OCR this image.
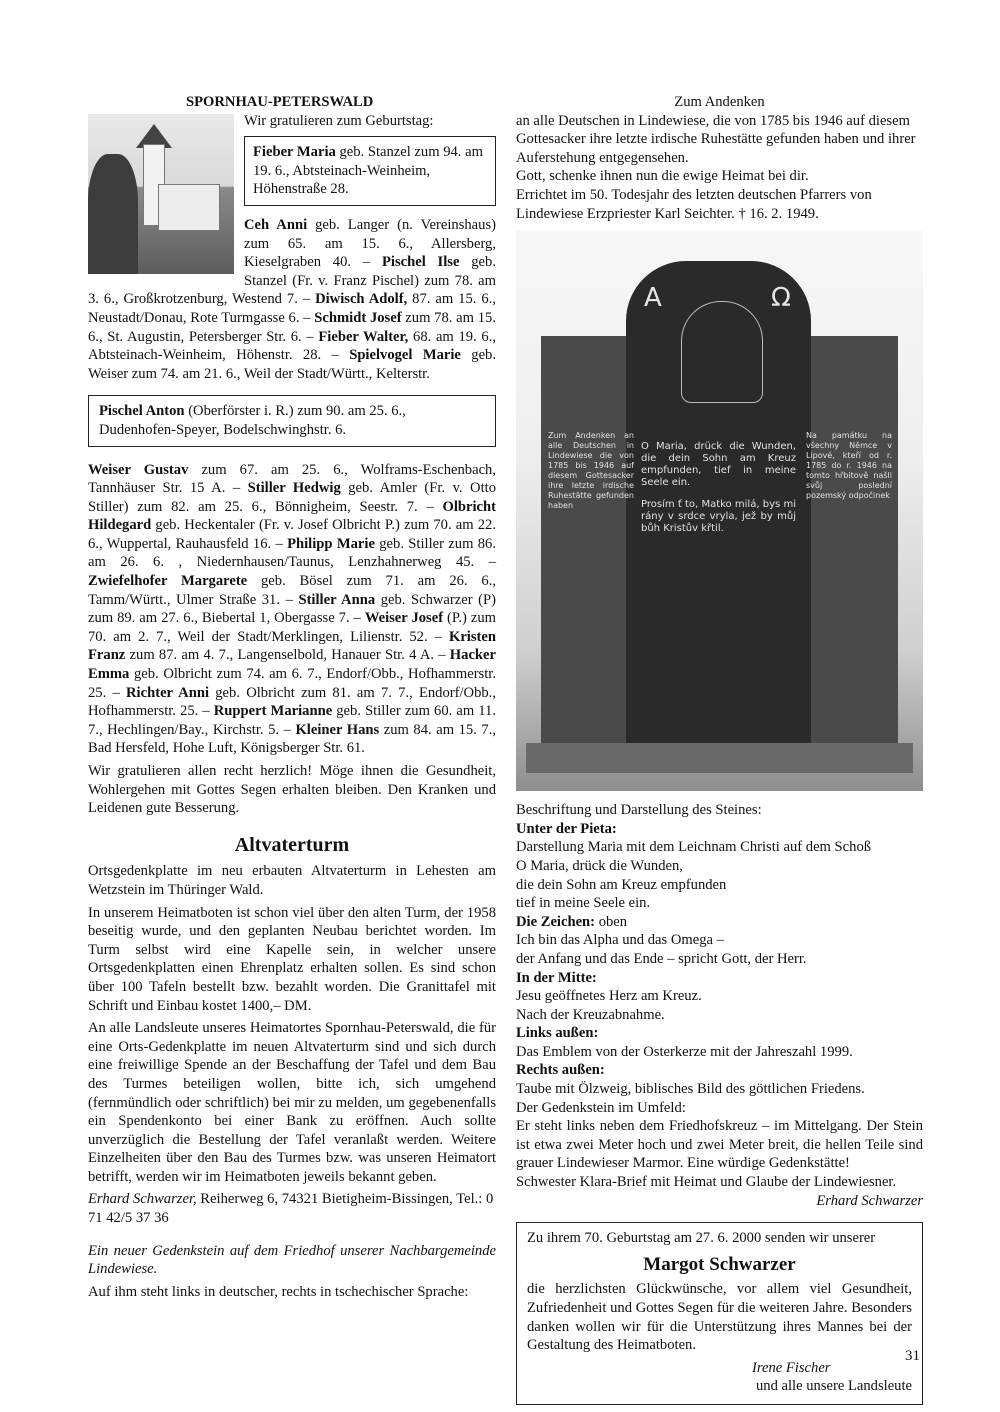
SPORNHAU-PETERSWALD
Wir gratulieren zum Geburtstag:
Fieber Maria geb. Stanzel zum 94. am 19. 6., Abtsteinach-Weinheim, Höhenstraße 28.

Ceh Anni geb. Langer (n. Vereinshaus) zum 65. am 15. 6., Allersberg, Kieselgraben 40. – Pischel Ilse geb. Stanzel (Fr. v. Franz Pischel) zum 78. am 3. 6., Großkrotzenburg, Westend 7. – Diwisch Adolf, 87. am 15. 6., Neustadt/Donau, Rote Turmgasse 6. – Schmidt Josef zum 78. am 15. 6., St. Augustin, Petersberger Str. 6. – Fieber Walter, 68. am 19. 6., Abtsteinach-Weinheim, Höhenstr. 28. – Spielvogel Marie geb. Weiser zum 74. am 21. 6., Weil der Stadt/Württ., Kelterstr.

Pischel Anton (Oberförster i. R.) zum 90. am 25. 6., Dudenhofen-Speyer, Bodelschwinghstr. 6.

Weiser Gustav zum 67. am 25. 6., Wolframs-Eschenbach, Tannhäuser Str. 15 A. – Stiller Hedwig geb. Amler (Fr. v. Otto Stiller) zum 82. am 25. 6., Bönnigheim, Seestr. 7. – Olbricht Hildegard geb. Heckentaler (Fr. v. Josef Olbricht P.) zum 70. am 22. 6., Wuppertal, Rauhausfeld 16. – Philipp Marie geb. Stiller zum 86. am 26. 6. , Niedernhausen/Taunus, Lenzhahnerweg 45. – Zwiefelhofer Margarete geb. Bösel zum 71. am 26. 6., Tamm/Württ., Ulmer Straße 31. – Stiller Anna geb. Schwarzer (P) zum 89. am 27. 6., Biebertal 1, Obergasse 7. – Weiser Josef (P.) zum 70. am 2. 7., Weil der Stadt/Merklingen, Lilienstr. 52. – Kristen Franz zum 87. am 4. 7., Langenselbold, Hanauer Str. 4 A. – Hacker Emma geb. Olbricht zum 74. am 6. 7., Endorf/Obb., Hofhammerstr. 25. – Richter Anni geb. Olbricht zum 81. am 7. 7., Endorf/Obb., Hofhammerstr. 25. – Ruppert Marianne geb. Stiller zum 60. am 11. 7., Hechlingen/Bay., Kirchstr. 5. – Kleiner Hans zum 84. am 15. 7., Bad Hersfeld, Hohe Luft, Königsberger Str. 61.

Wir gratulieren allen recht herzlich! Möge ihnen die Gesundheit, Wohlergehen mit Gottes Segen erhalten bleiben. Den Kranken und Leidenen gute Besserung.

Altvaterturm

Ortsgedenkplatte im neu erbauten Altvaterturm in Lehesten am Wetzstein im Thüringer Wald.

In unserem Heimatboten ist schon viel über den alten Turm, der 1958 beseitig wurde, und den geplanten Neubau berichtet worden. Im Turm selbst wird eine Kapelle sein, in welcher unsere Ortsgedenkplatten einen Ehrenplatz erhalten sollen. Es sind schon über 100 Tafeln bestellt bzw. bezahlt worden. Die Granittafel mit Schrift und Einbau kostet 1400,– DM.

An alle Landsleute unseres Heimatortes Spornhau-Peterswald, die für eine Orts-Gedenkplatte im neuen Altvaterturm sind und sich durch eine freiwillige Spende an der Beschaffung der Tafel und dem Bau des Turmes beteiligen wollen, bitte ich, sich umgehend (fernmündlich oder schriftlich) bei mir zu melden, um gegebenenfalls ein Spendenkonto bei einer Bank zu eröffnen. Auch sollte unverzüglich die Bestellung der Tafel veranlaßt werden. Weitere Einzelheiten über den Bau des Turmes bzw. was unseren Heimatort betrifft, werden wir im Heimatboten jeweils bekannt geben.

Erhard Schwarzer, Reiherweg 6, 74321 Bietigheim-Bissingen, Tel.: 0 71 42/5 37 36

Ein neuer Gedenkstein auf dem Friedhof unserer Nachbargemeinde Lindewiese.

Auf ihm steht links in deutscher, rechts in tschechischer Sprache:

Zum Andenken
an alle Deutschen in Lindewiese, die von 1785 bis 1946 auf diesem Gottesacker ihre letzte irdische Ruhestätte gefunden haben und ihrer Auferstehung entgegensehen.
Gott, schenke ihnen nun die ewige Heimat bei dir.
Errichtet im 50. Todesjahr des letzten deutschen Pfarrers von Lindewiese Erzpriester Karl Seichter. † 16. 2. 1949.
A	Ω
O Maria, drück die Wunden, die dein Sohn am Kreuz empfunden, tief in meine Seele ein.
Prosím ť to, Matko milá, bys mi rány v srdce vryla, jež by můj bůh Kristův křtil.
Zum Andenken an alle Deutschen in Lindewiese die von 1785 bis 1946 auf diesem Gottesacker ihre letzte irdische Ruhestätte gefunden haben
Na památku na všechny Němce v Lipové, kteří od r. 1785 do r. 1946 na tomto hřbitově našli svůj poslední pozemský odpočinek
Beschriftung und Darstellung des Steines:
Unter der Pieta:
Darstellung Maria mit dem Leichnam Christi auf dem Schoß
O Maria, drück die Wunden,
die dein Sohn am Kreuz empfunden
tief in meine Seele ein.
Die Zeichen: oben
Ich bin das Alpha und das Omega –
der Anfang und das Ende – spricht Gott, der Herr.
In der Mitte:
Jesu geöffnetes Herz am Kreuz.
Nach der Kreuzabnahme.
Links außen:
Das Emblem von der Osterkerze mit der Jahreszahl 1999.
Rechts außen:
Taube mit Ölzweig, biblisches Bild des göttlichen Friedens.
Der Gedenkstein im Umfeld:
Er steht links neben dem Friedhofskreuz – im Mittelgang. Der Stein ist etwa zwei Meter hoch und zwei Meter breit, die hellen Teile sind grauer Lindewieser Marmor. Eine würdige Gedenkstätte!
Schwester Klara-Brief mit Heimat und Glaube der Lindewiesner.
Erhard Schwarzer
Zu ihrem 70. Geburtstag am 27. 6. 2000 senden wir unserer
Margot Schwarzer
die herzlichsten Glückwünsche, vor allem viel Gesundheit, Zufriedenheit und Gottes Segen für die weiteren Jahre. Besonders danken wollen wir für die Unterstützung ihres Mannes bei der Gestaltung des Heimatboten.
Irene Fischer
und alle unsere Landsleute
31
